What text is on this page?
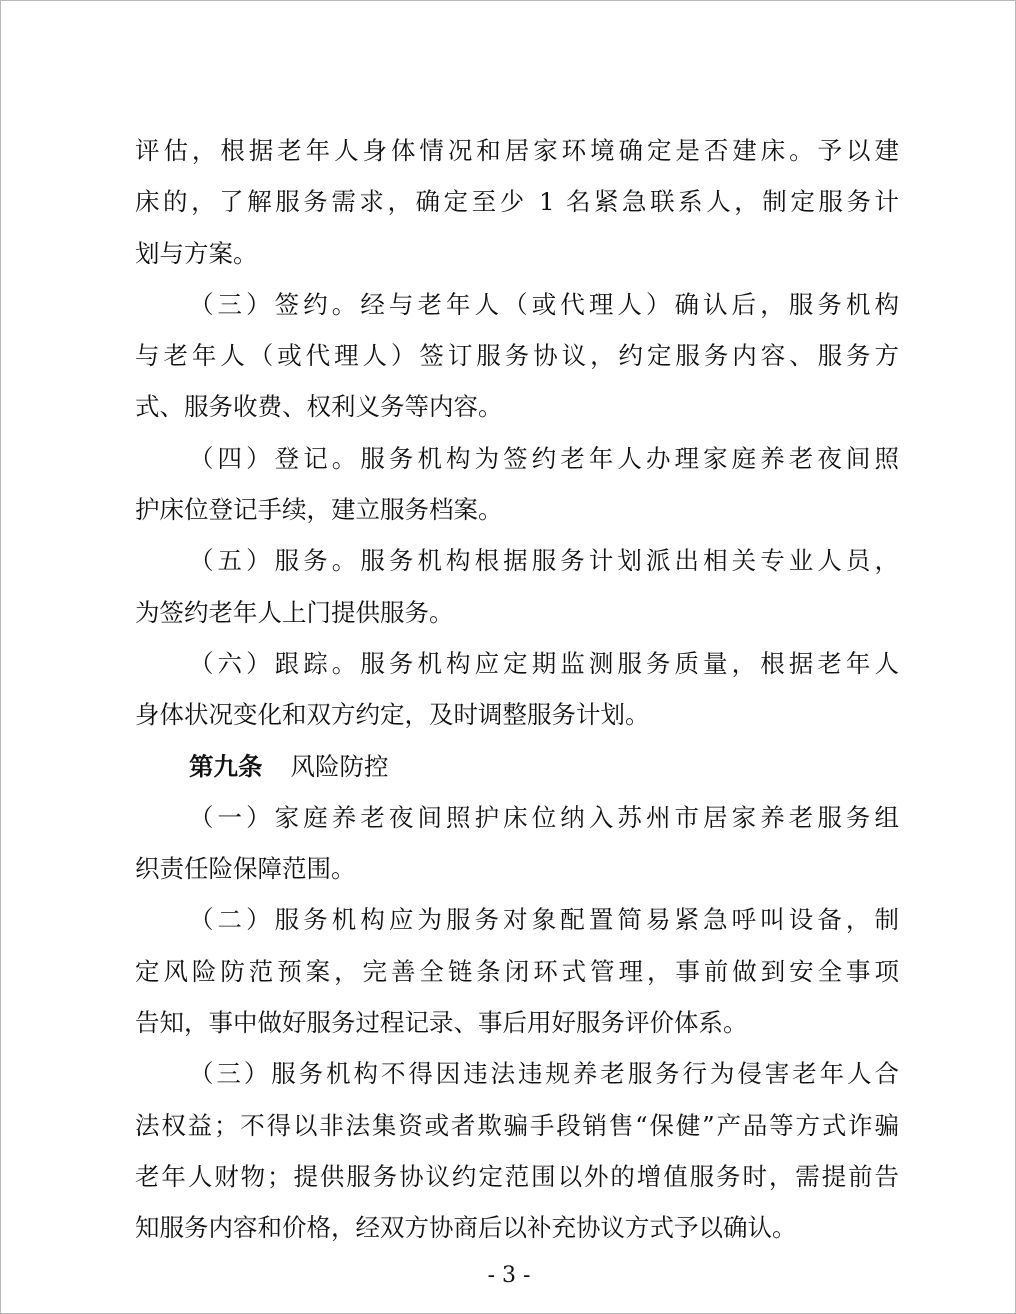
评估，根据老年人身体情况和居家环境确定是否建床。予以建
床的，了解服务需求，确定至少 1 名紧急联系人，制定服务计
划与方案。

（三）签约。经与老年人（或代理人）确认后，服务机构
与老年人（或代理人）签订服务协议，约定服务内容、服务方
式、服务收费、权利义务等内容。

（四）登记。服务机构为签约老年人办理家庭养老夜间照
护床位登记手续，建立服务档案。

（五）服务。服务机构根据服务计划派出相关专业人员，
为签约老年人上门提供服务。

（六）跟踪。服务机构应定期监测服务质量，根据老年人
身体状况变化和双方约定，及时调整服务计划。

第九条 风险防控

（一）家庭养老夜间照护床位纳入苏州市居家养老服务组
织责任险保障范围。

（二）服务机构应为服务对象配置简易紧急呼叫设备，制
定风险防范预案，完善全链条闭环式管理，事前做到安全事项
告知，事中做好服务过程记录、事后用好服务评价体系。

（三）服务机构不得因违法违规养老服务行为侵害老年人合
法权益；不得以非法集资或者欺骗手段销售“保健”产品等方式诈骗
老年人财物；提供服务协议约定范围以外的增值服务时，需提前告
知服务内容和价格，经双方协商后以补充协议方式予以确认。

- 3 -
